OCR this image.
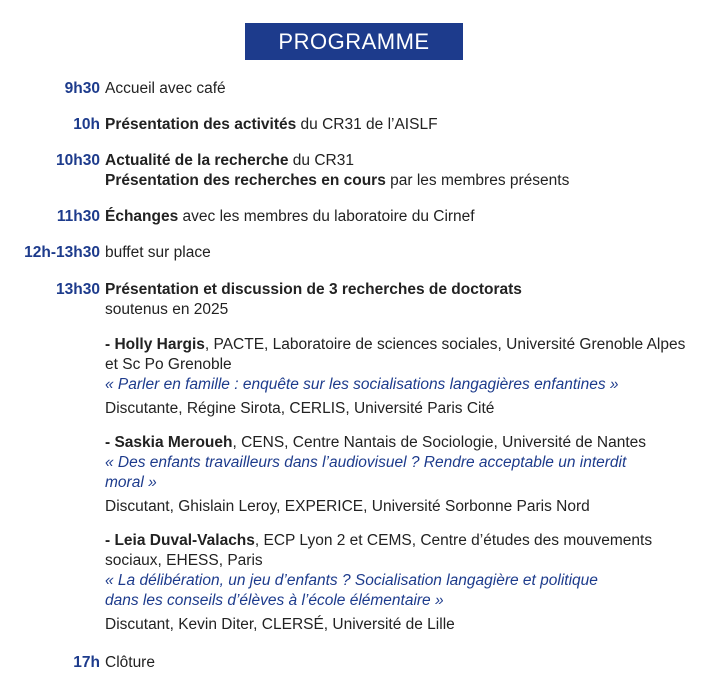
PROGRAMME
9h30 Accueil avec café
10h Présentation des activités du CR31 de l’AISLF
10h30 Actualité de la recherche du CR31
Présentation des recherches en cours par les membres présents
11h30 Échanges avec les membres du laboratoire du Cirnef
12h-13h30 buffet sur place
13h30 Présentation et discussion de 3 recherches de doctorats
soutenus en 2025
- Holly Hargis, PACTE, Laboratoire de sciences sociales, Université Grenoble Alpes et Sc Po Grenoble
« Parler en famille : enquête sur les socialisations langagières enfantines »
Discutante, Régine Sirota, CERLIS, Université Paris Cité
- Saskia Meroueh, CENS, Centre Nantais de Sociologie, Université de Nantes
« Des enfants travailleurs dans l’audiovisuel ? Rendre acceptable un interdit moral »
Discutant, Ghislain Leroy, EXPERICE, Université Sorbonne Paris Nord
- Leia Duval-Valachs, ECP Lyon 2 et CEMS, Centre d’études des mouvements sociaux, EHESS, Paris
« La délibération, un jeu d’enfants ? Socialisation langagière et politique
dans les conseils d’élèves à l’école élémentaire »
Discutant, Kevin Diter, CLERSÉ, Université de Lille
17h Clôture
